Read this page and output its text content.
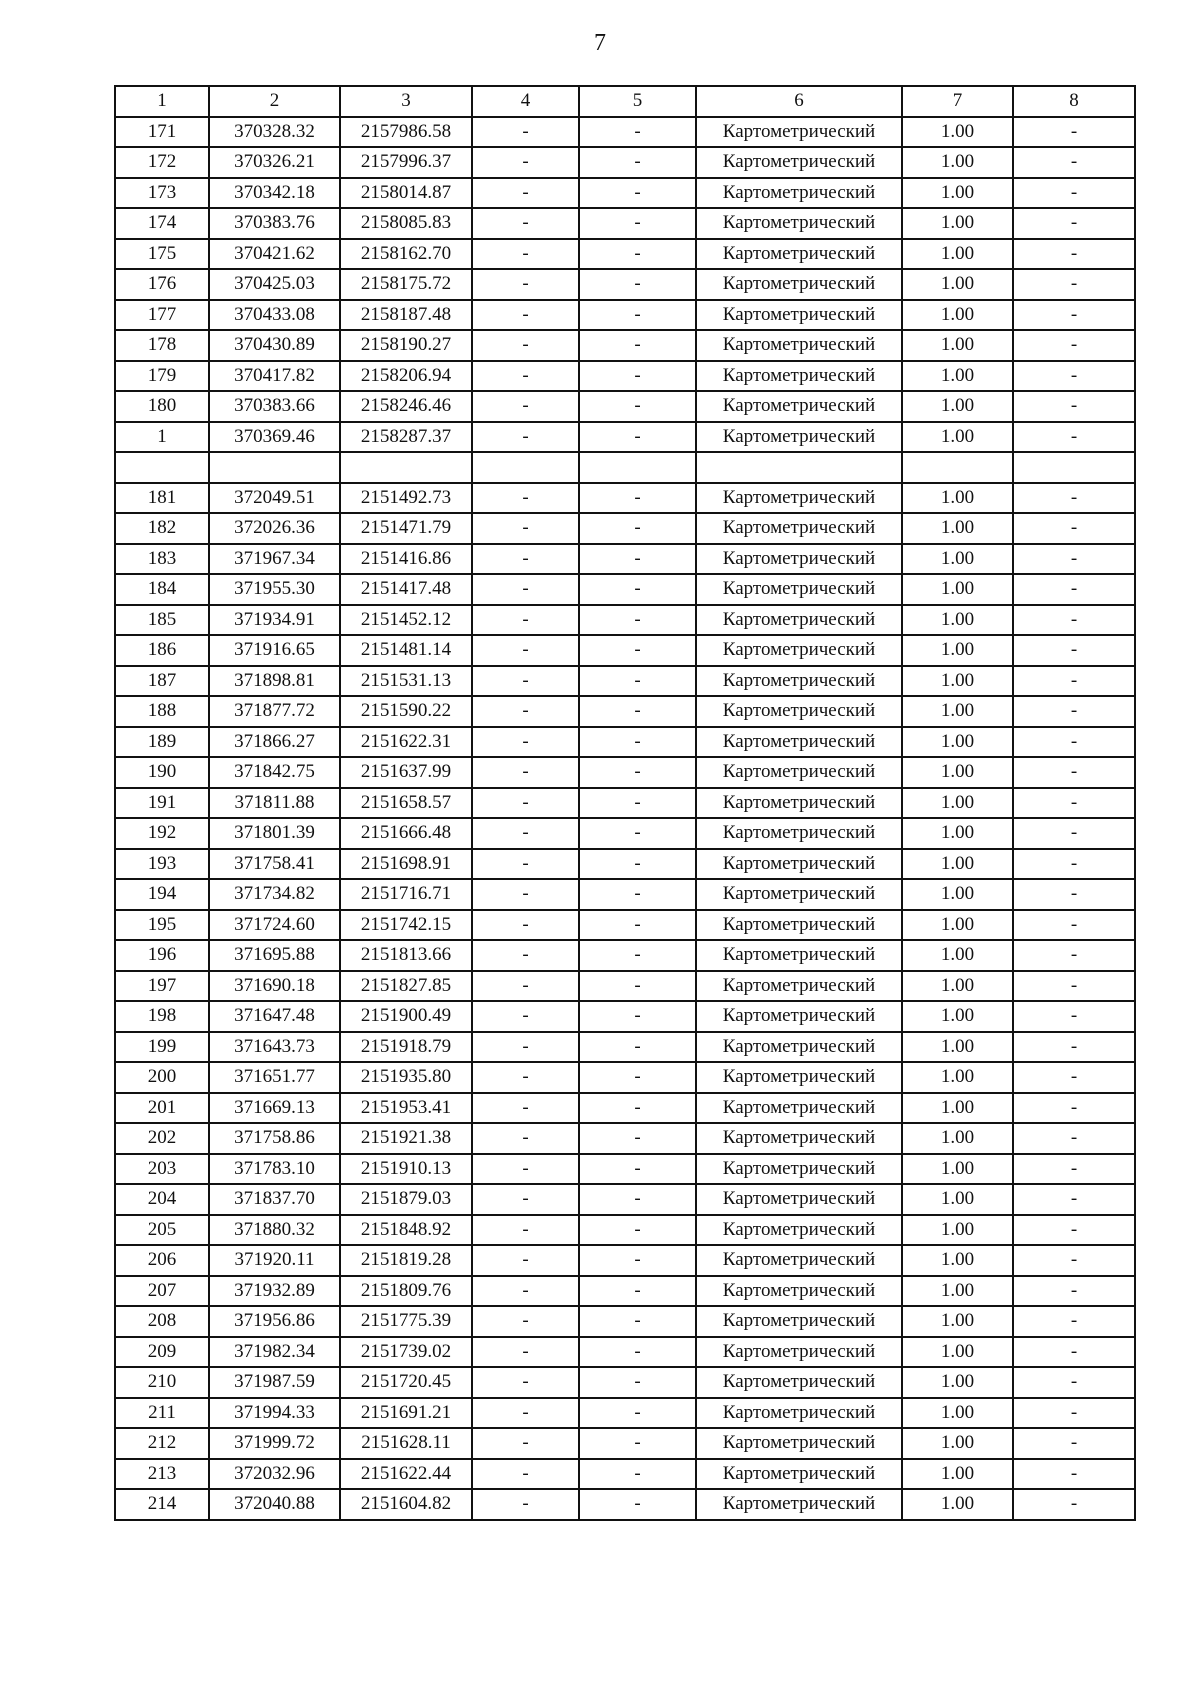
7
1	2	3	4	5	6	7	8
171	370328.32	2157986.58	-	-	Картометрический	1.00	-
172	370326.21	2157996.37	-	-	Картометрический	1.00	-
173	370342.18	2158014.87	-	-	Картометрический	1.00	-
174	370383.76	2158085.83	-	-	Картометрический	1.00	-
175	370421.62	2158162.70	-	-	Картометрический	1.00	-
176	370425.03	2158175.72	-	-	Картометрический	1.00	-
177	370433.08	2158187.48	-	-	Картометрический	1.00	-
178	370430.89	2158190.27	-	-	Картометрический	1.00	-
179	370417.82	2158206.94	-	-	Картометрический	1.00	-
180	370383.66	2158246.46	-	-	Картометрический	1.00	-
1	370369.46	2158287.37	-	-	Картометрический	1.00	-

181	372049.51	2151492.73	-	-	Картометрический	1.00	-
182	372026.36	2151471.79	-	-	Картометрический	1.00	-
183	371967.34	2151416.86	-	-	Картометрический	1.00	-
184	371955.30	2151417.48	-	-	Картометрический	1.00	-
185	371934.91	2151452.12	-	-	Картометрический	1.00	-
186	371916.65	2151481.14	-	-	Картометрический	1.00	-
187	371898.81	2151531.13	-	-	Картометрический	1.00	-
188	371877.72	2151590.22	-	-	Картометрический	1.00	-
189	371866.27	2151622.31	-	-	Картометрический	1.00	-
190	371842.75	2151637.99	-	-	Картометрический	1.00	-
191	371811.88	2151658.57	-	-	Картометрический	1.00	-
192	371801.39	2151666.48	-	-	Картометрический	1.00	-
193	371758.41	2151698.91	-	-	Картометрический	1.00	-
194	371734.82	2151716.71	-	-	Картометрический	1.00	-
195	371724.60	2151742.15	-	-	Картометрический	1.00	-
196	371695.88	2151813.66	-	-	Картометрический	1.00	-
197	371690.18	2151827.85	-	-	Картометрический	1.00	-
198	371647.48	2151900.49	-	-	Картометрический	1.00	-
199	371643.73	2151918.79	-	-	Картометрический	1.00	-
200	371651.77	2151935.80	-	-	Картометрический	1.00	-
201	371669.13	2151953.41	-	-	Картометрический	1.00	-
202	371758.86	2151921.38	-	-	Картометрический	1.00	-
203	371783.10	2151910.13	-	-	Картометрический	1.00	-
204	371837.70	2151879.03	-	-	Картометрический	1.00	-
205	371880.32	2151848.92	-	-	Картометрический	1.00	-
206	371920.11	2151819.28	-	-	Картометрический	1.00	-
207	371932.89	2151809.76	-	-	Картометрический	1.00	-
208	371956.86	2151775.39	-	-	Картометрический	1.00	-
209	371982.34	2151739.02	-	-	Картометрический	1.00	-
210	371987.59	2151720.45	-	-	Картометрический	1.00	-
211	371994.33	2151691.21	-	-	Картометрический	1.00	-
212	371999.72	2151628.11	-	-	Картометрический	1.00	-
213	372032.96	2151622.44	-	-	Картометрический	1.00	-
214	372040.88	2151604.82	-	-	Картометрический	1.00	-
